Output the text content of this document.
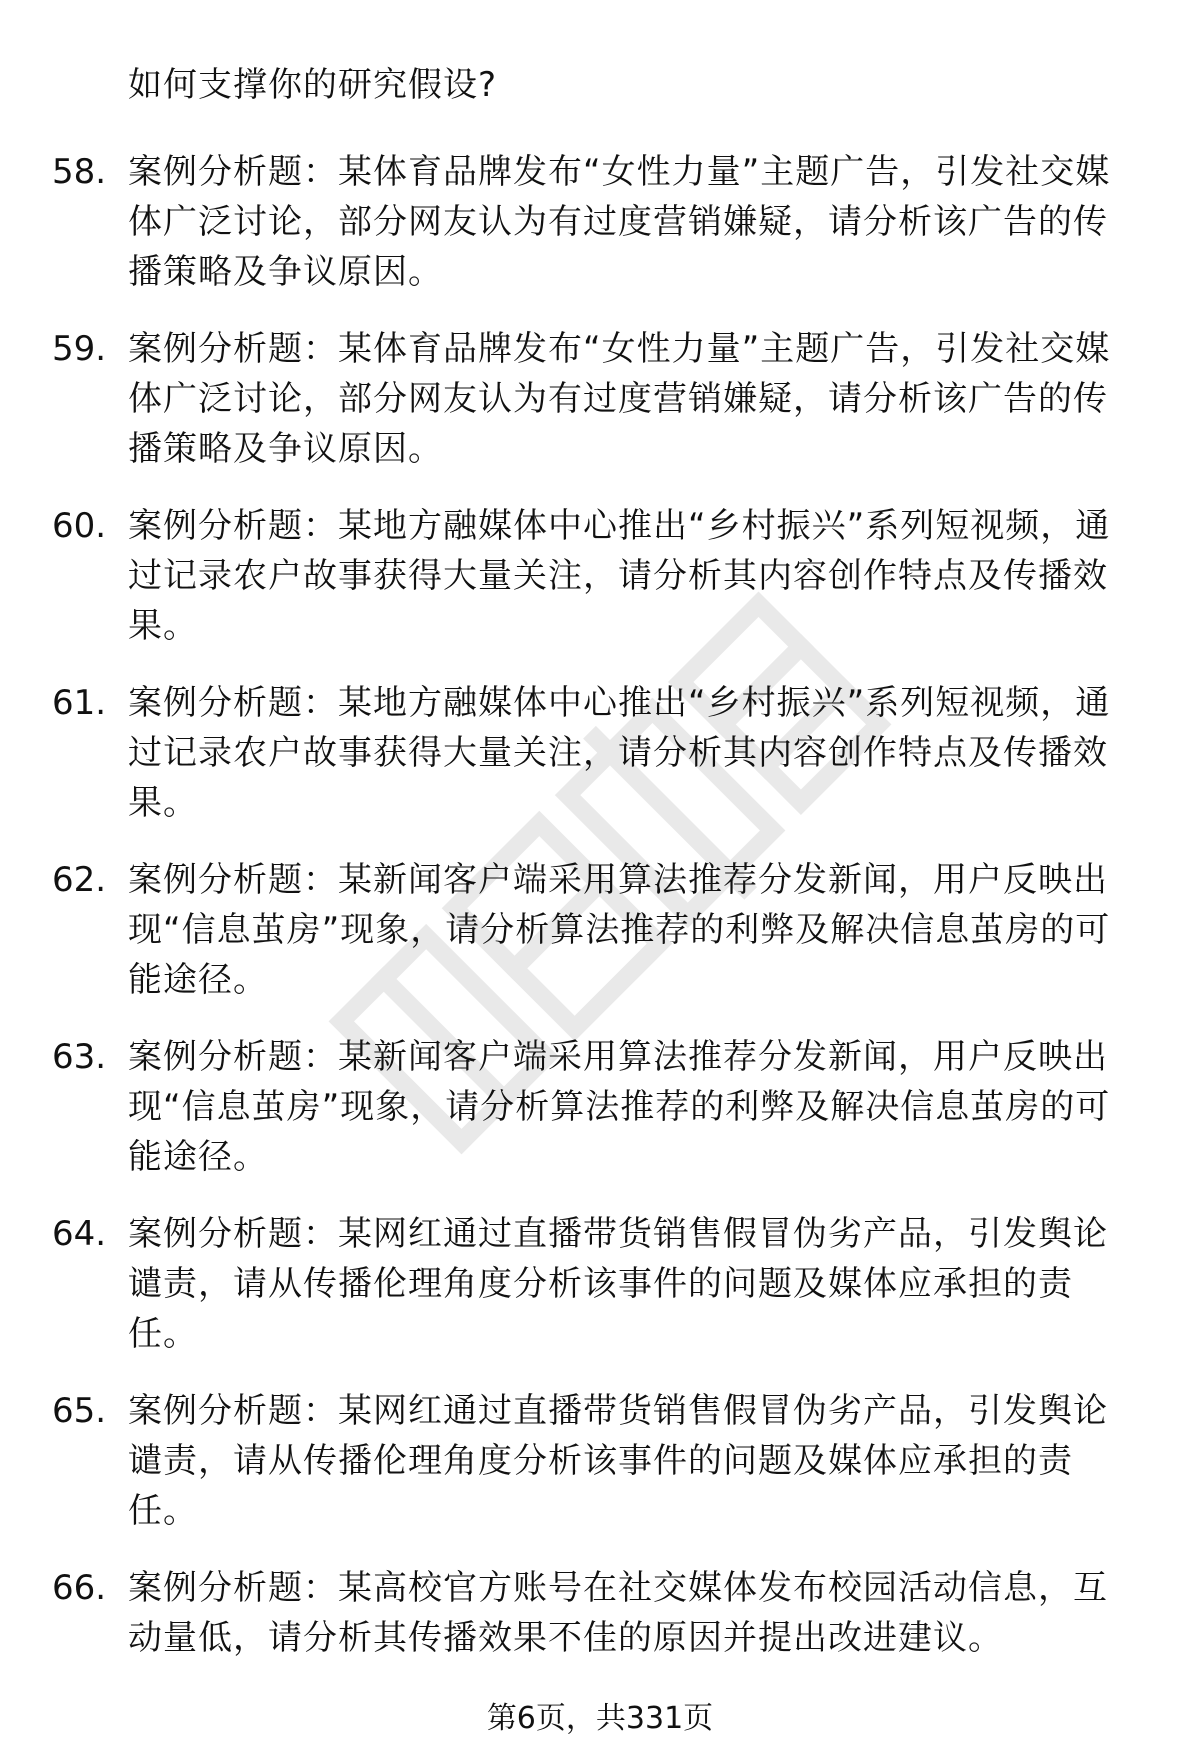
如何支撑你的研究假设?
58. 案例分析题：某体育品牌发布“女性力量”主题广告，引发社交媒体广泛讨论，部分网友认为有过度营销嫌疑，请分析该广告的传播策略及争议原因。
59. 案例分析题：某体育品牌发布“女性力量”主题广告，引发社交媒体广泛讨论，部分网友认为有过度营销嫌疑，请分析该广告的传播策略及争议原因。
60. 案例分析题：某地方融媒体中心推出“乡村振兴”系列短视频，通过记录农户故事获得大量关注，请分析其内容创作特点及传播效果。
61. 案例分析题：某地方融媒体中心推出“乡村振兴”系列短视频，通过记录农户故事获得大量关注，请分析其内容创作特点及传播效果。
62. 案例分析题：某新闻客户端采用算法推荐分发新闻，用户反映出现“信息茧房”现象，请分析算法推荐的利弊及解决信息茧房的可能途径。
63. 案例分析题：某新闻客户端采用算法推荐分发新闻，用户反映出现“信息茧房”现象，请分析算法推荐的利弊及解决信息茧房的可能途径。
64. 案例分析题：某网红通过直播带货销售假冒伪劣产品，引发舆论谴责，请从传播伦理角度分析该事件的问题及媒体应承担的责任。
65. 案例分析题：某网红通过直播带货销售假冒伪劣产品，引发舆论谴责，请从传播伦理角度分析该事件的问题及媒体应承担的责任。
66. 案例分析题：某高校官方账号在社交媒体发布校园活动信息，互动量低，请分析其传播效果不佳的原因并提出改进建议。
第6页，共331页
